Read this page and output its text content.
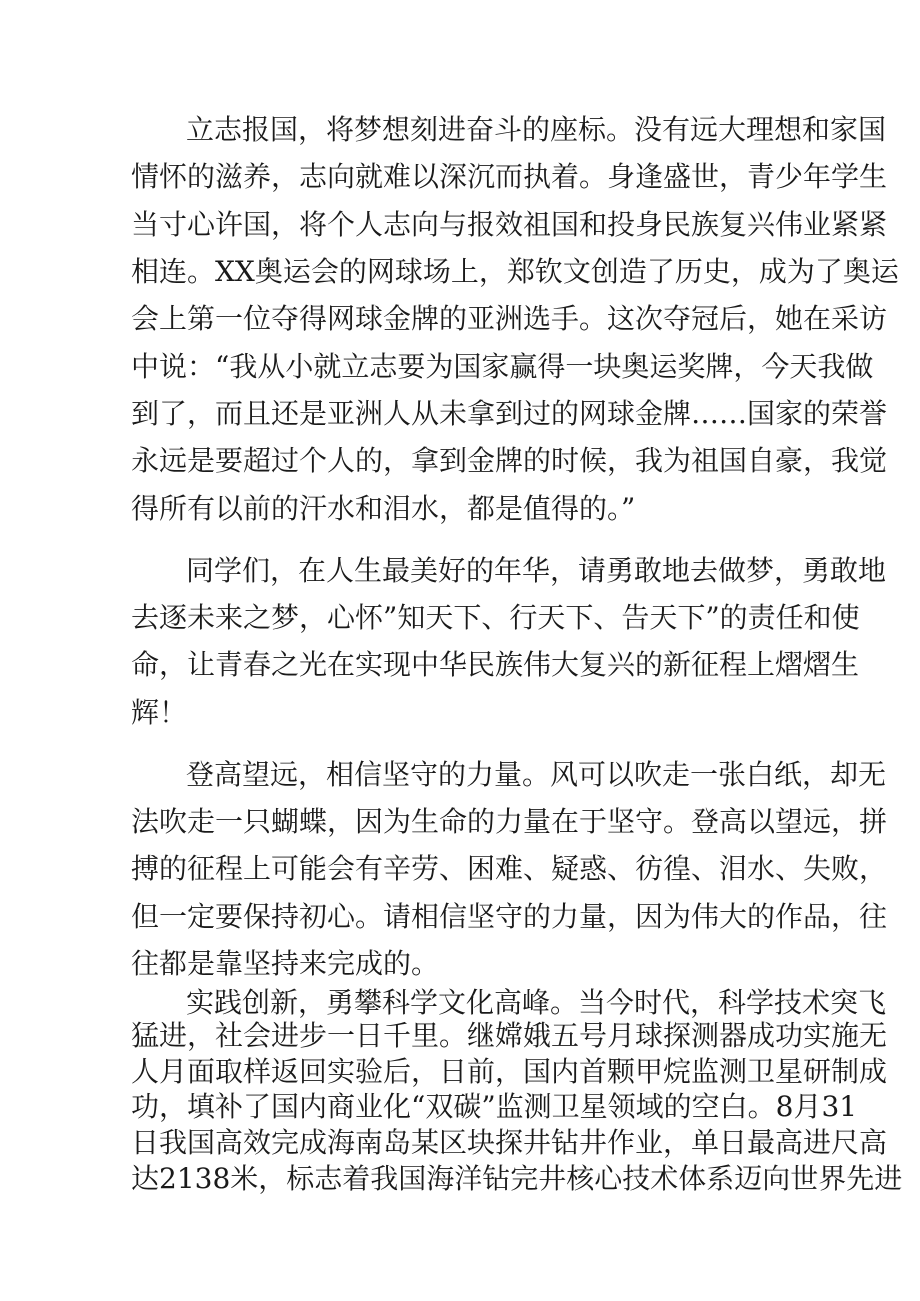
立志报国，将梦想刻进奋斗的座标。没有远大理想和家国
情怀的滋养，志向就难以深沉而执着。身逢盛世，青少年学生
当寸心许国，将个人志向与报效祖国和投身民族复兴伟业紧紧
相连。XX奥运会的网球场上，郑钦文创造了历史，成为了奥运
会上第一位夺得网球金牌的亚洲选手。这次夺冠后，她在采访
中说：“我从小就立志要为国家赢得一块奥运奖牌，今天我做
到了，而且还是亚洲人从未拿到过的网球金牌……国家的荣誉
永远是要超过个人的，拿到金牌的时候，我为祖国自豪，我觉
得所有以前的汗水和泪水，都是值得的。”
同学们，在人生最美好的年华，请勇敢地去做梦，勇敢地
去逐未来之梦，心怀”知天下、行天下、告天下”的责任和使
命，让青春之光在实现中华民族伟大复兴的新征程上熠熠生
辉！
登高望远，相信坚守的力量。风可以吹走一张白纸，却无
法吹走一只蝴蝶，因为生命的力量在于坚守。登高以望远，拼
搏的征程上可能会有辛劳、困难、疑惑、彷徨、泪水、失败，
但一定要保持初心。请相信坚守的力量，因为伟大的作品，往
往都是靠坚持来完成的。
实践创新，勇攀科学文化高峰。当今时代，科学技术突飞
猛进，社会进步一日千里。继嫦娥五号月球探测器成功实施无
人月面取样返回实验后，日前，国内首颗甲烷监测卫星研制成
功，填补了国内商业化“双碳”监测卫星领域的空白。8月31
日我国高效完成海南岛某区块探井钻井作业，单日最高进尺高
达2138米，标志着我国海洋钻完井核心技术体系迈向世界先进
